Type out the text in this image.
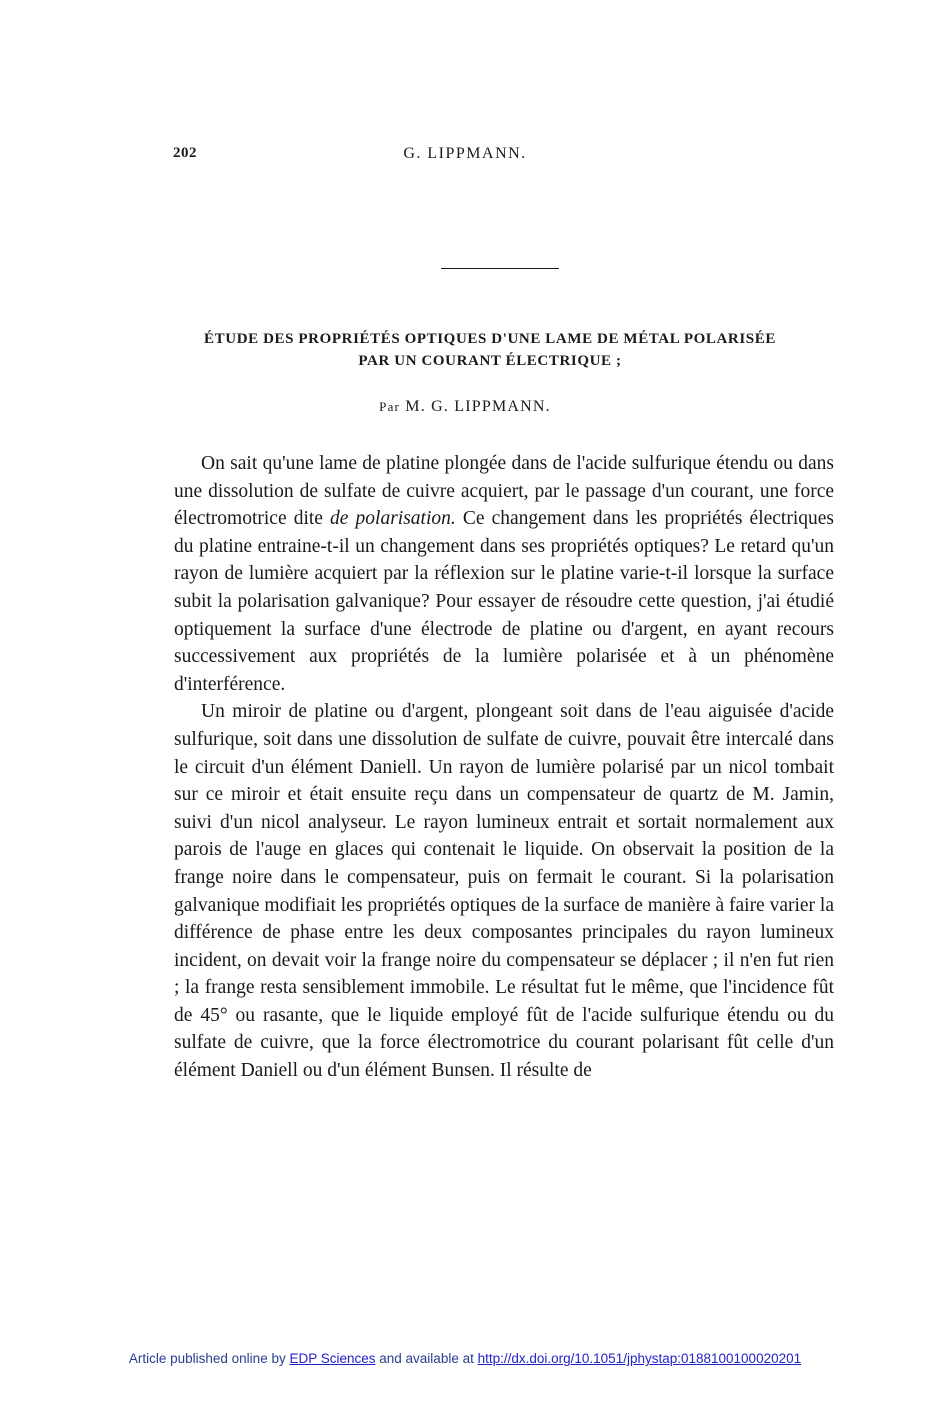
202	G. LIPPMANN.
ÉTUDE DES PROPRIÉTÉS OPTIQUES D'UNE LAME DE MÉTAL POLARISÉE
PAR UN COURANT ÉLECTRIQUE ;
Par M. G. LIPPMANN.

On sait qu'une lame de platine plongée dans de l'acide sulfurique étendu ou dans une dissolution de sulfate de cuivre acquiert, par le passage d'un courant, une force électromotrice dite de polarisation. Ce changement dans les propriétés électriques du platine entraine-t-il un changement dans ses propriétés optiques? Le retard qu'un rayon de lumière acquiert par la réflexion sur le platine varie-t-il lorsque la surface subit la polarisation galvanique? Pour essayer de résoudre cette question, j'ai étudié optiquement la surface d'une électrode de platine ou d'argent, en ayant recours successivement aux propriétés de la lumière polarisée et à un phénomène d'interférence.

Un miroir de platine ou d'argent, plongeant soit dans de l'eau aiguisée d'acide sulfurique, soit dans une dissolution de sulfate de cuivre, pouvait être intercalé dans le circuit d'un élément Daniell. Un rayon de lumière polarisé par un nicol tombait sur ce miroir et était ensuite reçu dans un compensateur de quartz de M. Jamin, suivi d'un nicol analyseur. Le rayon lumineux entrait et sortait normalement aux parois de l'auge en glaces qui contenait le liquide. On observait la position de la frange noire dans le compensateur, puis on fermait le courant. Si la polarisation galvanique modifiait les propriétés optiques de la surface de manière à faire varier la différence de phase entre les deux composantes principales du rayon lumineux incident, on devait voir la frange noire du compensateur se déplacer ; il n'en fut rien ; la frange resta sensiblement immobile. Le résultat fut le même, que l'incidence fût de 45° ou rasante, que le liquide employé fût de l'acide sulfurique étendu ou du sulfate de cuivre, que la force électromotrice du courant polarisant fût celle d'un élément Daniell ou d'un élément Bunsen. Il résulte de

Article published online by EDP Sciences and available at http://dx.doi.org/10.1051/jphystap:0188100100020201
